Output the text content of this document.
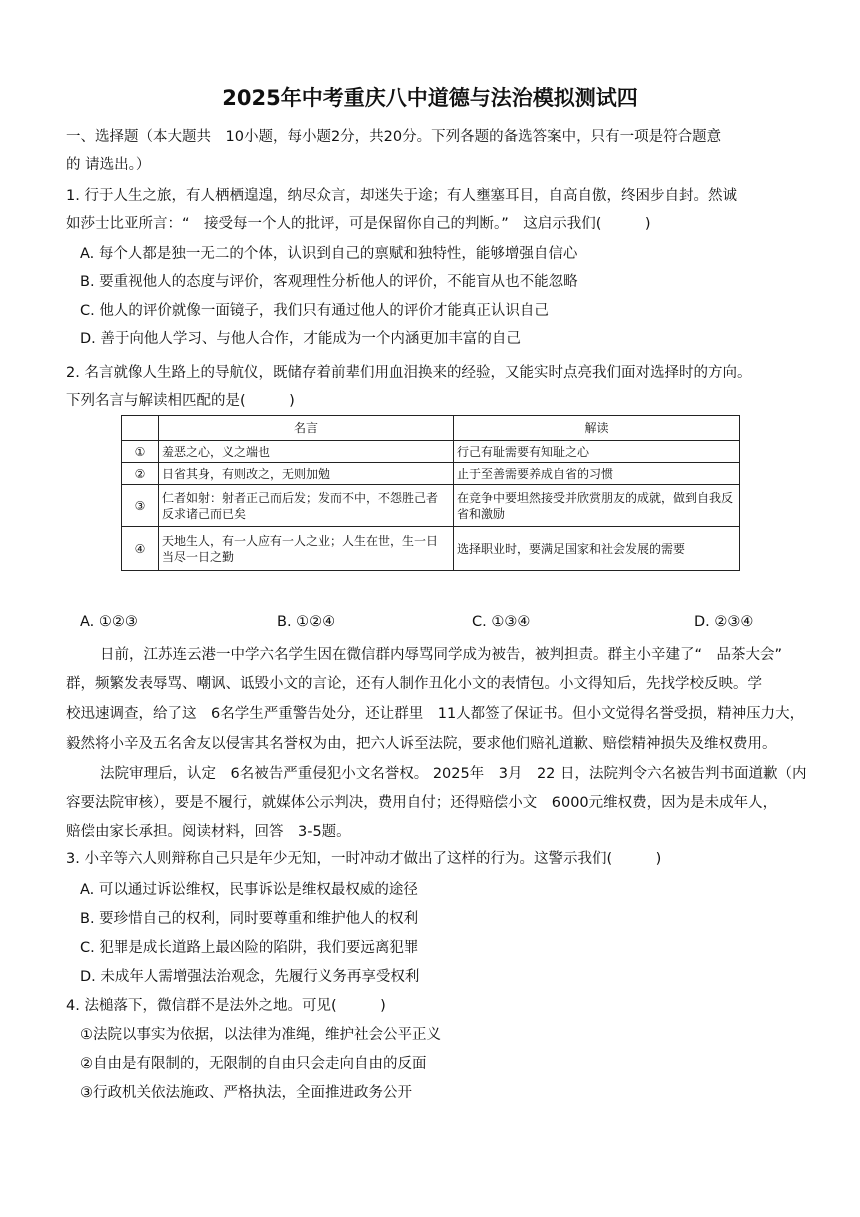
2025年中考重庆八中道德与法治模拟测试四
一、选择题（本大题共　10小题，每小题2分，共20分。下列各题的备选答案中，只有一项是符合题意
的 请选出。）
1. 行于人生之旅，有人栖栖遑遑，纳尽众言，却迷失于途；有人壅塞耳目，自高自傲，终困步自封。然诚
如莎士比亚所言：“　接受每一个人的批评，可是保留你自己的判断。”　这启示我们(　　　)
A. 每个人都是独一无二的个体，认识到自己的禀赋和独特性，能够增强自信心
B. 要重视他人的态度与评价，客观理性分析他人的评价，不能盲从也不能忽略
C. 他人的评价就像一面镜子，我们只有通过他人的评价才能真正认识自己
D. 善于向他人学习、与他人合作，才能成为一个内涵更加丰富的自己
2. 名言就像人生路上的导航仪，既储存着前辈们用血泪换来的经验，又能实时点亮我们面对选择时的方向。
下列名言与解读相匹配的是(　　　)
	名言	解读
①	羞恶之心，义之端也	行己有耻需要有知耻之心
②	日省其身，有则改之，无则加勉	止于至善需要养成自省的习惯
③	仁者如射：射者正己而后发；发而不中，不怨胜己者　反求诸己而已矣	在竞争中要坦然接受并欣赏朋友的成就，做到自我反省和激励
④	天地生人，有一人应有一人之业；人生在世，生一日　当尽一日之勤	选择职业时，要满足国家和社会发展的需要
A. ①②③	B. ①②④	C. ①③④	D. ②③④
日前，江苏连云港一中学六名学生因在微信群内辱骂同学成为被告，被判担责。群主小辛建了“　品茶大会”
群，频繁发表辱骂、嘲讽、诋毁小文的言论，还有人制作丑化小文的表情包。小文得知后，先找学校反映。学
校迅速调查，给了这　6名学生严重警告处分，还让群里　11人都签了保证书。但小文觉得名誉受损，精神压力大，
毅然将小辛及五名舍友以侵害其名誉权为由，把六人诉至法院，要求他们赔礼道歉、赔偿精神损失及维权费用。
法院审理后，认定　6名被告严重侵犯小文名誉权。 2025年　3月　22 日，法院判令六名被告判书面道歉（内
容要法院审核），要是不履行，就媒体公示判决，费用自付；还得赔偿小文　6000元维权费，因为是未成年人，
赔偿由家长承担。阅读材料，回答　3-5题。
3. 小辛等六人则辩称自己只是年少无知，一时冲动才做出了这样的行为。这警示我们(　　　)
A. 可以通过诉讼维权，民事诉讼是维权最权威的途径
B. 要珍惜自己的权利，同时要尊重和维护他人的权利
C. 犯罪是成长道路上最凶险的陷阱，我们要远离犯罪
D. 未成年人需增强法治观念，先履行义务再享受权利
4. 法槌落下，微信群不是法外之地。可见(　　　)
①法院以事实为依据，以法律为准绳，维护社会公平正义
②自由是有限制的，无限制的自由只会走向自由的反面
③行政机关依法施政、严格执法，全面推进政务公开
